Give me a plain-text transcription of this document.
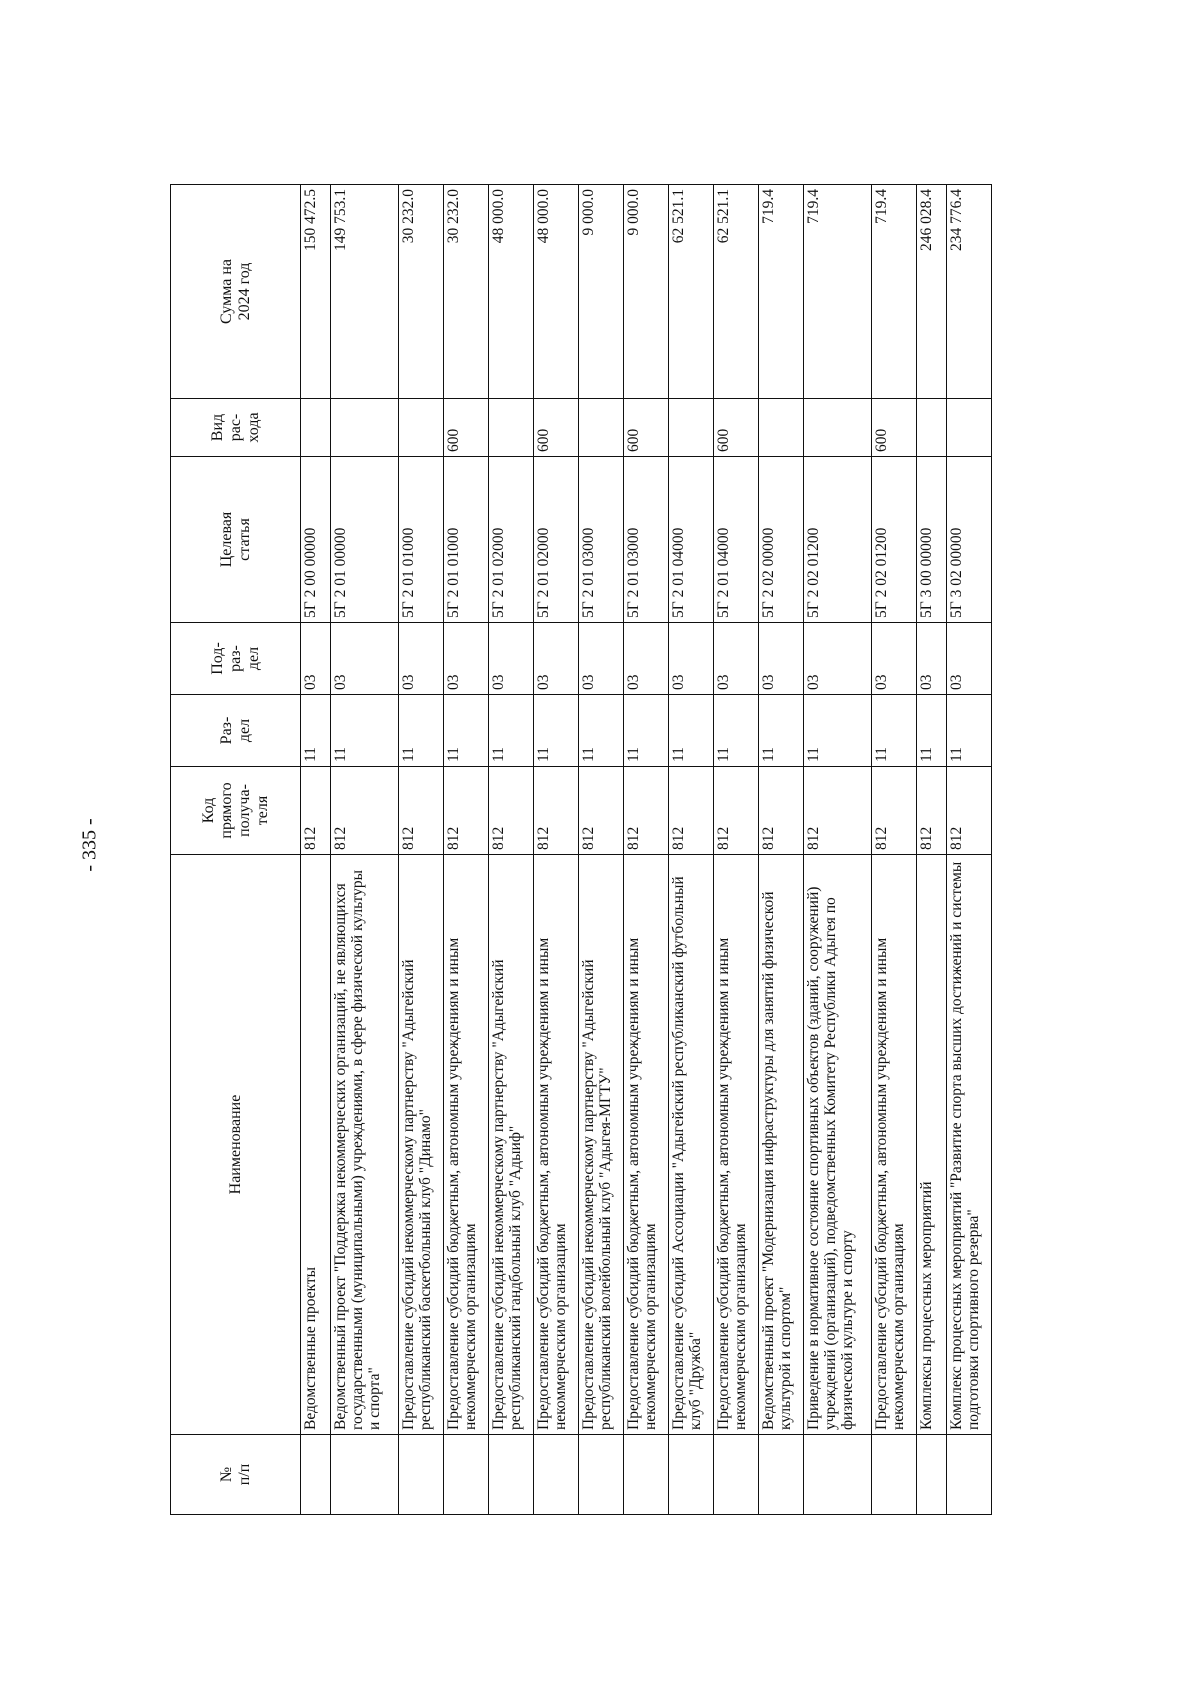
- 335 -
№
п/п	Наименование	Код
прямого
получа-
теля	Раз-
дел	Под-
раз-
дел	Целевая
статья	Вид
рас-
хода	Сумма на
2024 год
	Ведомственные проекты	812	11	03	5Г 2 00 00000		150 472.5
	Ведомственный проект "Поддержка некоммерческих организаций, не являющихся государственными (муниципальными) учреждениями, в сфере физической культуры и спорта"	812	11	03	5Г 2 01 00000		149 753.1
	Предоставление субсидий некоммерческому партнерству "Адыгейский республиканский баскетбольный клуб "Динамо"	812	11	03	5Г 2 01 01000		30 232.0
	Предоставление субсидий бюджетным, автономным учреждениям и иным некоммерческим организациям	812	11	03	5Г 2 01 01000	600	30 232.0
	Предоставление субсидий некоммерческому партнерству "Адыгейский республиканский гандбольный клуб "Адыиф"	812	11	03	5Г 2 01 02000		48 000.0
	Предоставление субсидий бюджетным, автономным учреждениям и иным некоммерческим организациям	812	11	03	5Г 2 01 02000	600	48 000.0
	Предоставление субсидий некоммерческому партнерству "Адыгейский республиканский волейбольный клуб "Адыгея-МГТУ"	812	11	03	5Г 2 01 03000		9 000.0
	Предоставление субсидий бюджетным, автономным учреждениям и иным некоммерческим организациям	812	11	03	5Г 2 01 03000	600	9 000.0
	Предоставление субсидий Ассоциации "Адыгейский республиканский футбольный клуб "Дружба"	812	11	03	5Г 2 01 04000		62 521.1
	Предоставление субсидий бюджетным, автономным учреждениям и иным некоммерческим организациям	812	11	03	5Г 2 01 04000	600	62 521.1
	Ведомственный проект "Модернизация инфраструктуры для занятий физической культурой и спортом"	812	11	03	5Г 2 02 00000		719.4
	Приведение в нормативное состояние спортивных объектов (зданий, сооружений) учреждений (организаций), подведомственных Комитету Республики Адыгея по физической культуре и спорту	812	11	03	5Г 2 02 01200		719.4
	Предоставление субсидий бюджетным, автономным учреждениям и иным некоммерческим организациям	812	11	03	5Г 2 02 01200	600	719.4
	Комплексы процессных мероприятий	812	11	03	5Г 3 00 00000		246 028.4
	Комплекс процессных мероприятий "Развитие спорта высших достижений и системы подготовки спортивного резерва"	812	11	03	5Г 3 02 00000		234 776.4
